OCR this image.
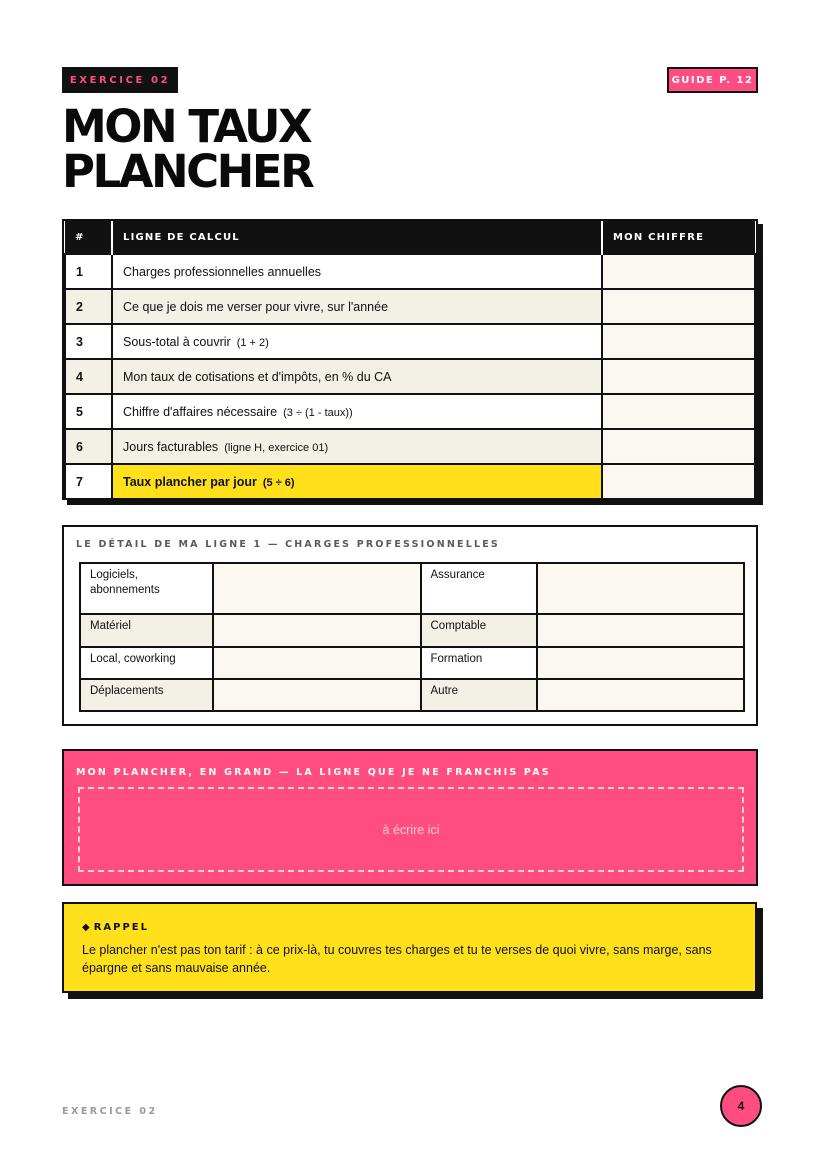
EXERCICE 02	GUIDE P. 12
MON TAUX
PLANCHER
#	LIGNE DE CALCUL	MON CHIFFRE
1	Charges professionnelles annuelles	
2	Ce que je dois me verser pour vivre, sur l'année	
3	Sous-total à couvrir (1 + 2)	
4	Mon taux de cotisations et d'impôts, en % du CA	
5	Chiffre d'affaires nécessaire (3 ÷ (1 - taux))	
6	Jours facturables (ligne H, exercice 01)	
7	Taux plancher par jour (5 ÷ 6)	
LE DÉTAIL DE MA LIGNE 1 — CHARGES PROFESSIONNELLES
Logiciels, abonnements		Assurance	
Matériel		Comptable	
Local, coworking		Formation	
Déplacements		Autre	
MON PLANCHER, EN GRAND — LA LIGNE QUE JE NE FRANCHIS PAS
à écrire ici
◆ RAPPEL

Le plancher n'est pas ton tarif : à ce prix-là, tu couvres tes charges et tu te verses de quoi vivre, sans marge, sans épargne et sans mauvaise année.

EXERCICE 02	4
